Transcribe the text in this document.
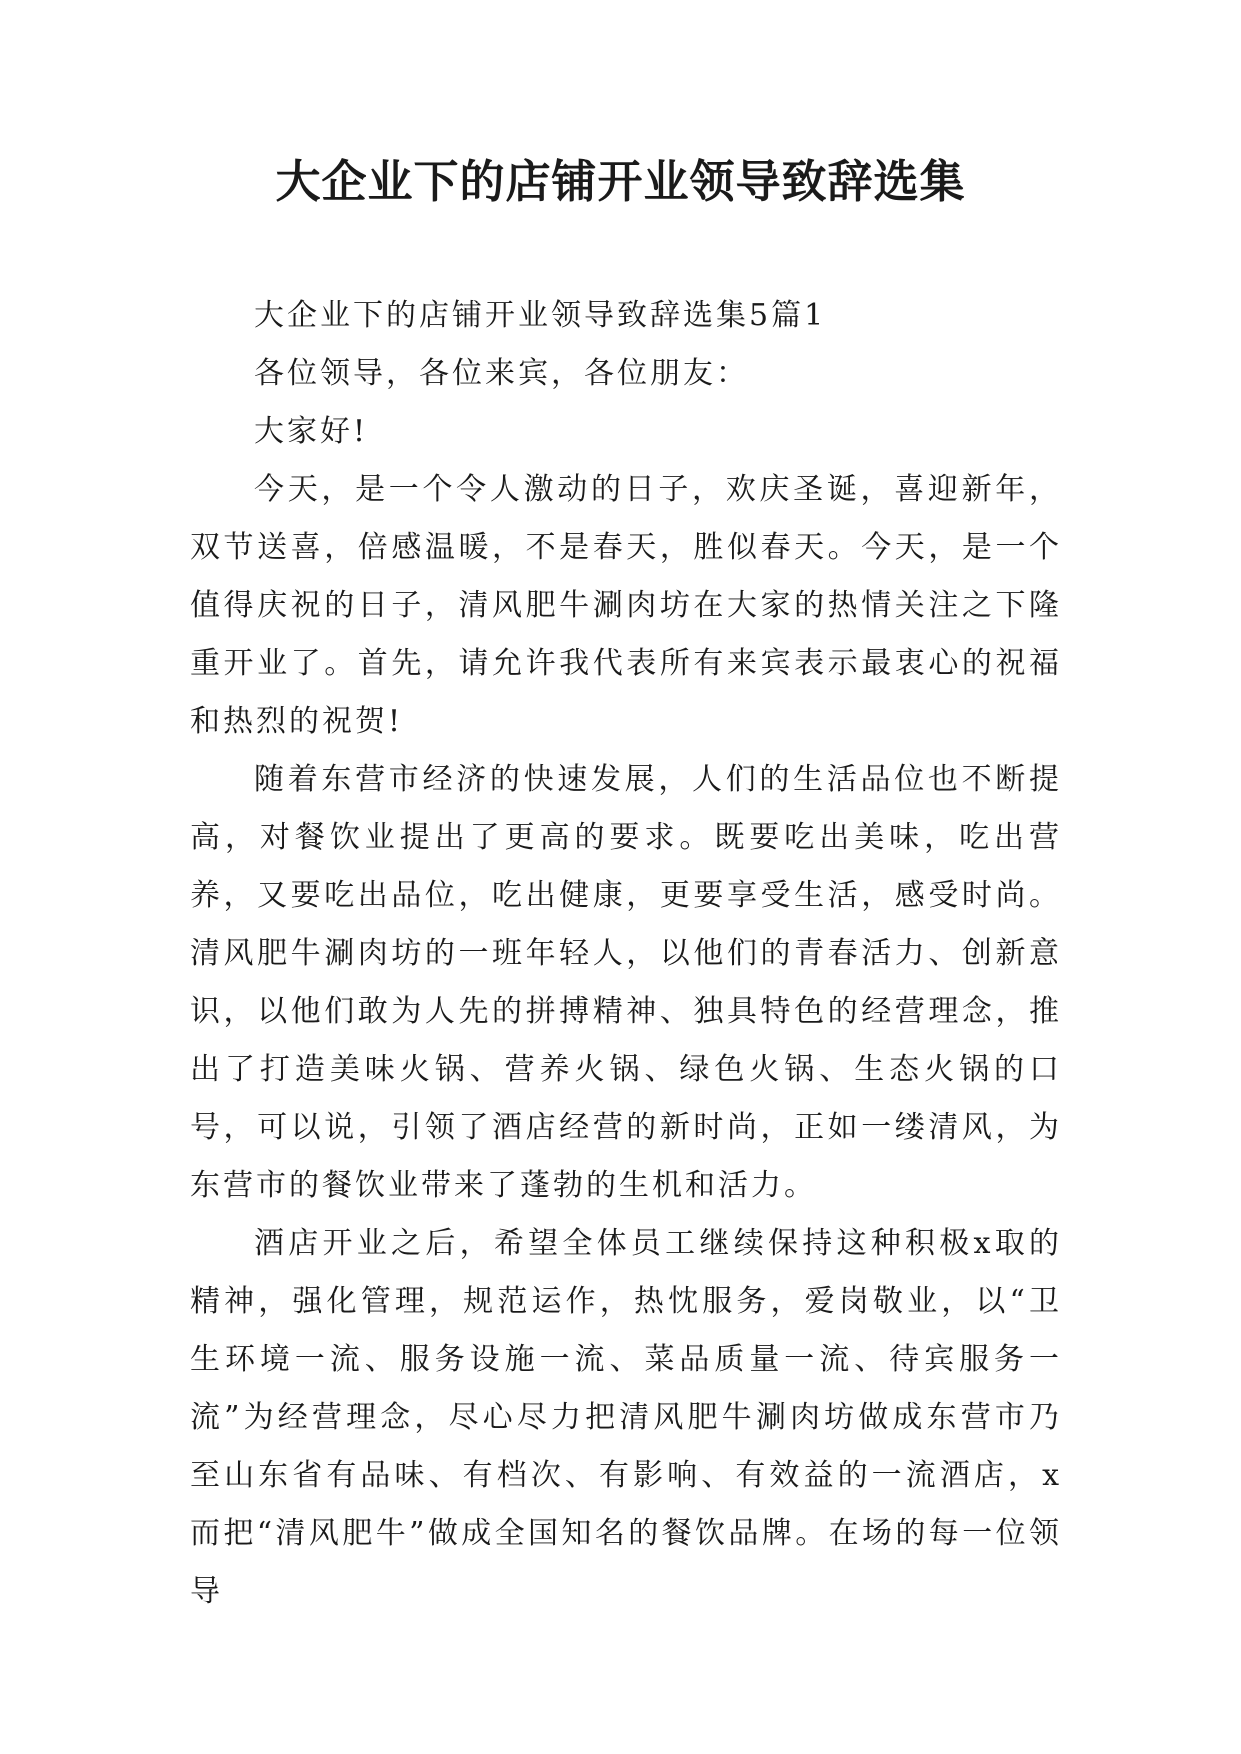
大企业下的店铺开业领导致辞选集

大企业下的店铺开业领导致辞选集5篇1

各位领导，各位来宾，各位朋友：

大家好!

今天，是一个令人激动的日子，欢庆圣诞，喜迎新年，双节送喜，倍感温暖，不是春天，胜似春天。今天，是一个值得庆祝的日子，清风肥牛涮肉坊在大家的热情关注之下隆重开业了。首先，请允许我代表所有来宾表示最衷心的祝福和热烈的祝贺!

随着东营市经济的快速发展，人们的生活品位也不断提高，对餐饮业提出了更高的要求。既要吃出美味，吃出营养，又要吃出品位，吃出健康，更要享受生活，感受时尚。清风肥牛涮肉坊的一班年轻人，以他们的青春活力、创新意识，以他们敢为人先的拼搏精神、独具特色的经营理念，推出了打造美味火锅、营养火锅、绿色火锅、生态火锅的口号，可以说，引领了酒店经营的新时尚，正如一缕清风，为东营市的餐饮业带来了蓬勃的生机和活力。

酒店开业之后，希望全体员工继续保持这种积极x取的精神，强化管理，规范运作，热忱服务，爱岗敬业，以“卫生环境一流、服务设施一流、菜品质量一流、待宾服务一流”为经营理念，尽心尽力把清风肥牛涮肉坊做成东营市乃至山东省有品味、有档次、有影响、有效益的一流酒店，x而把“清风肥牛”做成全国知名的餐饮品牌。在场的每一位领导
